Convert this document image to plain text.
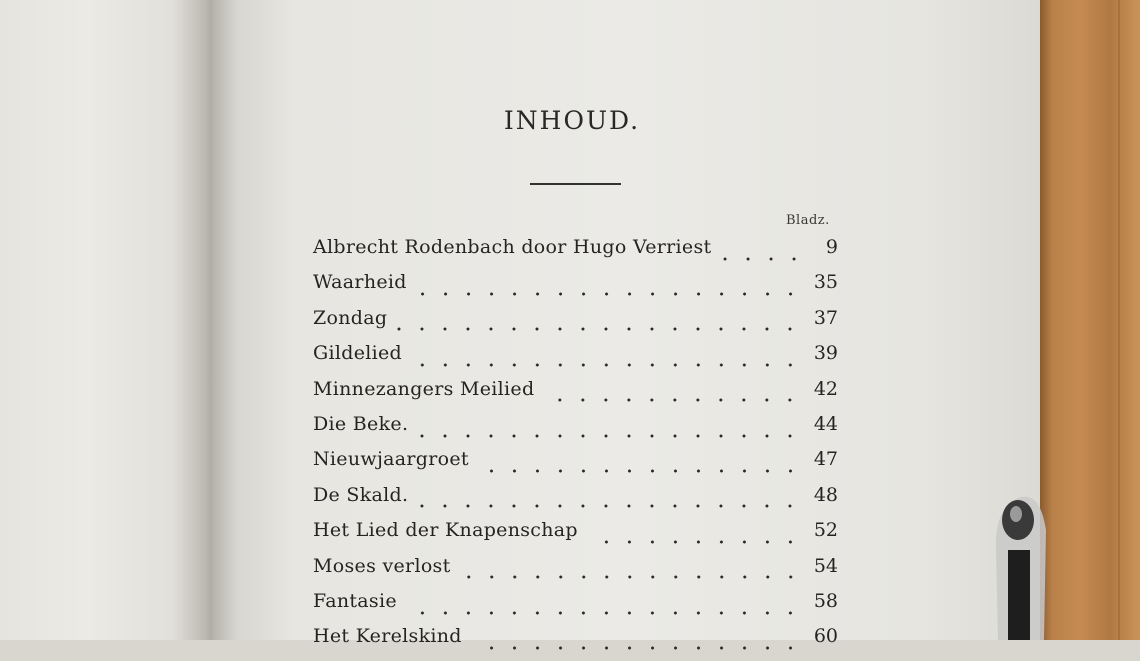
INHOUD.
Bladz.
Albrecht Rodenbach door Hugo Verriest	9
Waarheid	35
Zondag	37
Gildelied	39
Minnezangers Meilied	42
Die Beke.	44
Nieuwjaargroet	47
De Skald.	48
Het Lied der Knapenschap	52
Moses verlost	54
Fantasie	58
Het Kerelskind	60
